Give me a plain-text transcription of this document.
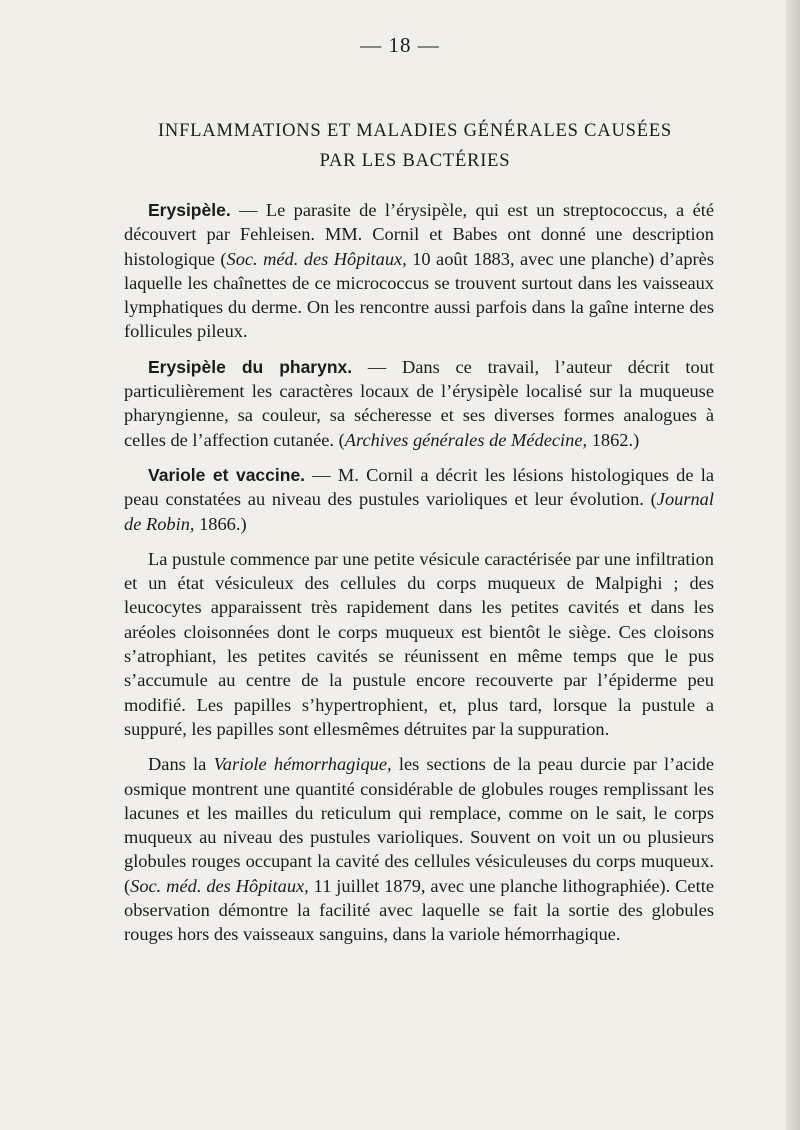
— 18 —
INFLAMMATIONS ET MALADIES GÉNÉRALES CAUSÉES
PAR LES BACTÉRIES

Erysipèle. — Le parasite de l’érysipèle, qui est un streptococcus, a été découvert par Fehleisen. MM. Cornil et Babes ont donné une description histologique (Soc. méd. des Hôpitaux, 10 août 1883, avec une planche) d’après laquelle les chaînettes de ce micrococcus se trouvent surtout dans les vaisseaux lymphatiques du derme. On les rencontre aussi parfois dans la gaîne interne des follicules pileux.

Erysipèle du pharynx. — Dans ce travail, l’auteur décrit tout particulièrement les caractères locaux de l’érysipèle localisé sur la muqueuse pharyngienne, sa couleur, sa sécheresse et ses diverses formes analogues à celles de l’affection cutanée. (Archives générales de Médecine, 1862.)

Variole et vaccine. — M. Cornil a décrit les lésions histologiques de la peau constatées au niveau des pustules varioliques et leur évolution. (Journal de Robin, 1866.)

La pustule commence par une petite vésicule caractérisée par une infiltration et un état vésiculeux des cellules du corps muqueux de Malpighi ; des leucocytes apparaissent très rapidement dans les petites cavités et dans les aréoles cloisonnées dont le corps muqueux est bientôt le siège. Ces cloisons s’atrophiant, les petites cavités se réunissent en même temps que le pus s’accumule au centre de la pustule encore recouverte par l’épiderme peu modifié. Les papilles s’hypertrophient, et, plus tard, lorsque la pustule a suppuré, les papilles sont ellesmêmes détruites par la suppuration.

Dans la Variole hémorrhagique, les sections de la peau durcie par l’acide osmique montrent une quantité considérable de globules rouges remplissant les lacunes et les mailles du reticulum qui remplace, comme on le sait, le corps muqueux au niveau des pustules varioliques. Souvent on voit un ou plusieurs globules rouges occupant la cavité des cellules vésiculeuses du corps muqueux. (Soc. méd. des Hôpitaux, 11 juillet 1879, avec une planche lithographiée). Cette observation démontre la facilité avec laquelle se fait la sortie des globules rouges hors des vaisseaux sanguins, dans la variole hémorrhagique.
